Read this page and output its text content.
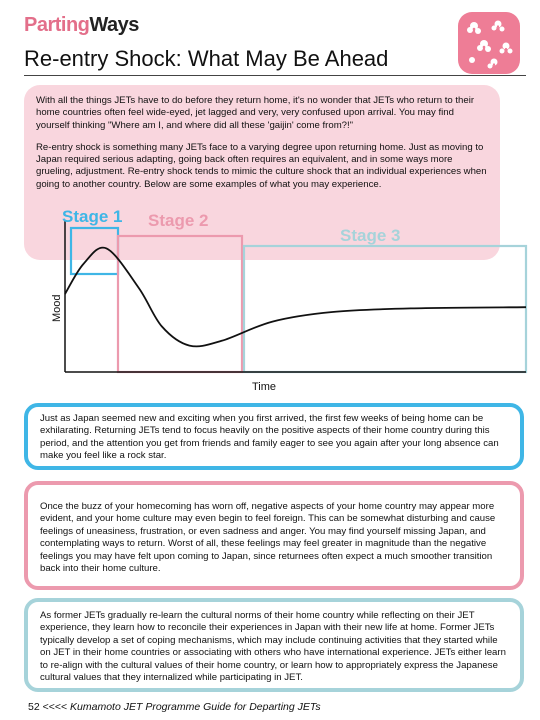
PartingWays
Re-entry Shock: What May Be Ahead

With all the things JETs have to do before they return home, it's no wonder that JETs who return to their home countries often feel wide-eyed, jet lagged and very, very confused upon arrival. You may find yourself thinking "Where am I, and where did all these 'gaijin' come from?!"

Re-entry shock is something many JETs face to a varying degree upon returning home. Just as moving to Japan required serious adapting, going back often requires an equivalent, and in some ways more grueling, adjustment. Re-entry shock tends to mimic the culture shock that an individual experiences when going to another country. Below are some examples of what you may experience.

Stage 1 Stage 2
Stage 3
Time
Mood

Just as Japan seemed new and exciting when you first arrived, the first few weeks of being home can be exhilarating. Returning JETs tend to focus heavily on the positive aspects of their home country during this period, and the attention you get from friends and family eager to see you again after your long absence can make you feel like a rock star.

Once the buzz of your homecoming has worn off, negative aspects of your home country may appear more evident, and your home culture may even begin to feel foreign. This can be somewhat disturbing and cause feelings of uneasiness, frustration, or even sadness and anger. You may find yourself missing Japan, and contemplating ways to return. Worst of all, these feelings may feel greater in magnitude than the negative feelings you may have felt upon coming to Japan, since returnees often expect a much smoother transition back into their home culture.

As former JETs gradually re-learn the cultural norms of their home country while reflecting on their JET experience, they learn how to reconcile their experiences in Japan with their new life at home. Former JETs typically develop a set of coping mechanisms, which may include continuing activities that they started while on JET in their home countries or associating with others who have international experience. JETs either learn to re-align with the cultural values of their home country, or learn how to appropriately express the Japanese cultural values that they internalized while participating in JET.

52 <<<< Kumamoto JET Programme Guide for Departing JETs
